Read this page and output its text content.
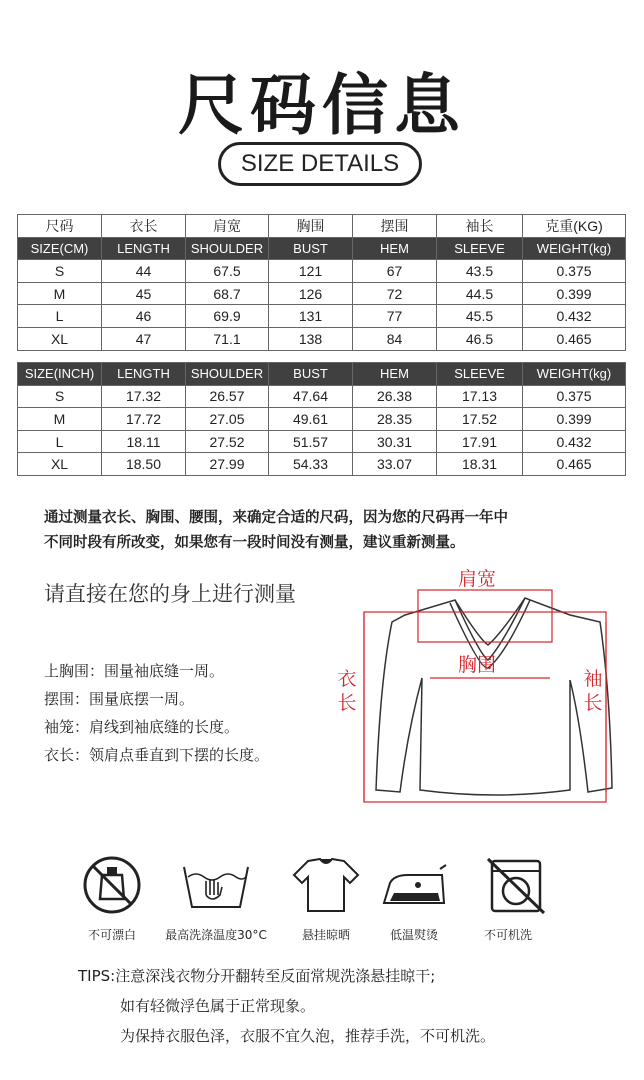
尺码信息
SIZE DETAILS
尺码	衣长	肩宽	胸围	摆围	袖长	克重(KG)
SIZE(CM)	LENGTH	SHOULDER	BUST	HEM	SLEEVE	WEIGHT(kg)
S	44	67.5	121	67	43.5	0.375
M	45	68.7	126	72	44.5	0.399
L	46	69.9	131	77	45.5	0.432
XL	47	71.1	138	84	46.5	0.465
SIZE(INCH)	LENGTH	SHOULDER	BUST	HEM	SLEEVE	WEIGHT(kg)
S	17.32	26.57	47.64	26.38	17.13	0.375
M	17.72	27.05	49.61	28.35	17.52	0.399
L	18.11	27.52	51.57	30.31	17.91	0.432
XL	18.50	27.99	54.33	33.07	18.31	0.465
通过测量衣长、胸围、腰围，来确定合适的尺码，因为您的尺码再一年中
不同时段有所改变，如果您有一段时间没有测量，建议重新测量。
请直接在您的身上进行测量
上胸围：围量袖底缝一周。
摆围：围量底摆一周。
袖笼：肩线到袖底缝的长度。
衣长：领肩点垂直到下摆的长度。
肩宽
胸围
衣长
袖长
不可漂白	最高洗涤温度30°C	悬挂晾晒	低温熨烫	不可机洗
TIPS:注意深浅衣物分开翻转至反面常规洗涤悬挂晾干;
如有轻微浮色属于正常现象。
为保持衣服色泽，衣服不宜久泡，推荐手洗，不可机洗。
